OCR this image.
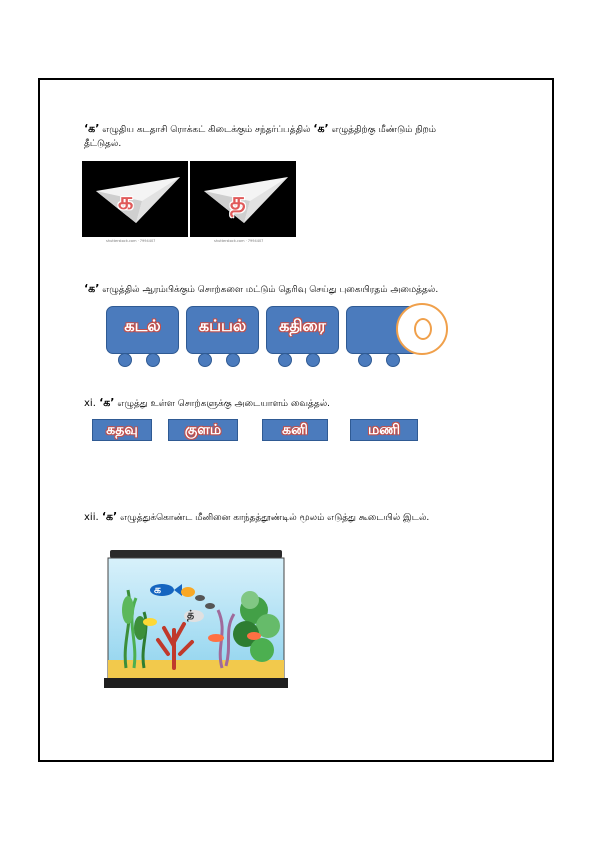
‘க’ எழுதிய கடதாசி ரொக்கட் கிடைக்கும் சந்தர்ப்பத்தில் ‘க’ எழுத்திற்கு மீண்டும் நிறம்
தீட்டுதல்.
க
shutterstock.com · 7994407
த
shutterstock.com · 7994407
‘க’ எழுத்தில் ஆரம்பிக்கும் சொற்களை மட்டும் தெரிவு செய்து புகையிரதம் அமைத்தல்.
கடல்	கப்பல்	கதிரை
xi. ‘க’ எழுத்து உள்ள சொற்களுக்கு அடையாளம் வைத்தல்.
கதவு	குளம்	கனி	மணி
xii. ‘க’ எழுத்துக்கொண்ட மீனினை காந்தத்தூண்டில் மூலம் எடுத்து கூடையில் இடல்.
க
த்
